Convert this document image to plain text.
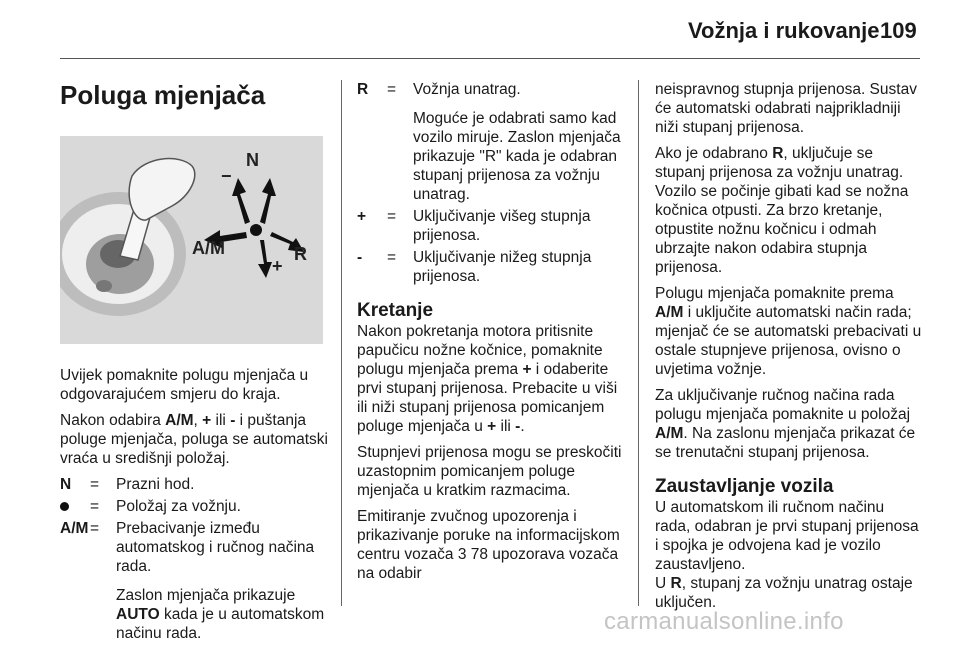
Vožnja i rukovanje 109
Poluga mjenjača
−
N
A/M
+
R

Uvijek pomaknite polugu mjenjača u odgovarajućem smjeru do kraja.

Nakon odabira A/M, + ili - i puštanja poluge mjenjača, poluga se automatski vraća u središnji položaj.

N	=	Prazni hod.
=	Položaj za vožnju.
A/M =	Prebacivanje između automatskog i ručnog načina rada.

Zaslon mjenjača prikazuje AUTO kada je u automatskom načinu rada.

R	=	Vožnja unatrag.

Moguće je odabrati samo kad vozilo miruje. Zaslon mjenjača prikazuje "R" kada je odabran stupanj prijenosa za vožnju unatrag.

+	=	Uključivanje višeg stupnja prijenosa.
-	=	Uključivanje nižeg stupnja prijenosa.
Kretanje

Nakon pokretanja motora pritisnite papučicu nožne kočnice, pomaknite polugu mjenjača prema + i odaberite prvi stupanj prijenosa. Prebacite u viši ili niži stupanj prijenosa pomicanjem poluge mjenjača u + ili -.

Stupnjevi prijenosa mogu se preskočiti uzastopnim pomicanjem poluge mjenjača u kratkim razmacima.

Emitiranje zvučnog upozorenja i prikazivanje poruke na informacijskom centru vozača 3 78 upozorava vozača na odabir

neispravnog stupnja prijenosa. Sustav će automatski odabrati najprikladniji niži stupanj prijenosa.

Ako je odabrano R, uključuje se stupanj prijenosa za vožnju unatrag. Vozilo se počinje gibati kad se nožna kočnica otpusti. Za brzo kretanje, otpustite nožnu kočnicu i odmah ubrzajte nakon odabira stupnja prijenosa.

Polugu mjenjača pomaknite prema A/M i uključite automatski način rada; mjenjač će se automatski prebacivati u ostale stupnjeve prijenosa, ovisno o uvjetima vožnje.

Za uključivanje ručnog načina rada polugu mjenjača pomaknite u položaj A/M. Na zaslonu mjenjača prikazat će se trenutačni stupanj prijenosa.

Zaustavljanje vozila

U automatskom ili ručnom načinu rada, odabran je prvi stupanj prijenosa i spojka je odvojena kad je vozilo zaustavljeno.

U R, stupanj za vožnju unatrag ostaje uključen.

carmanualsonline.info
